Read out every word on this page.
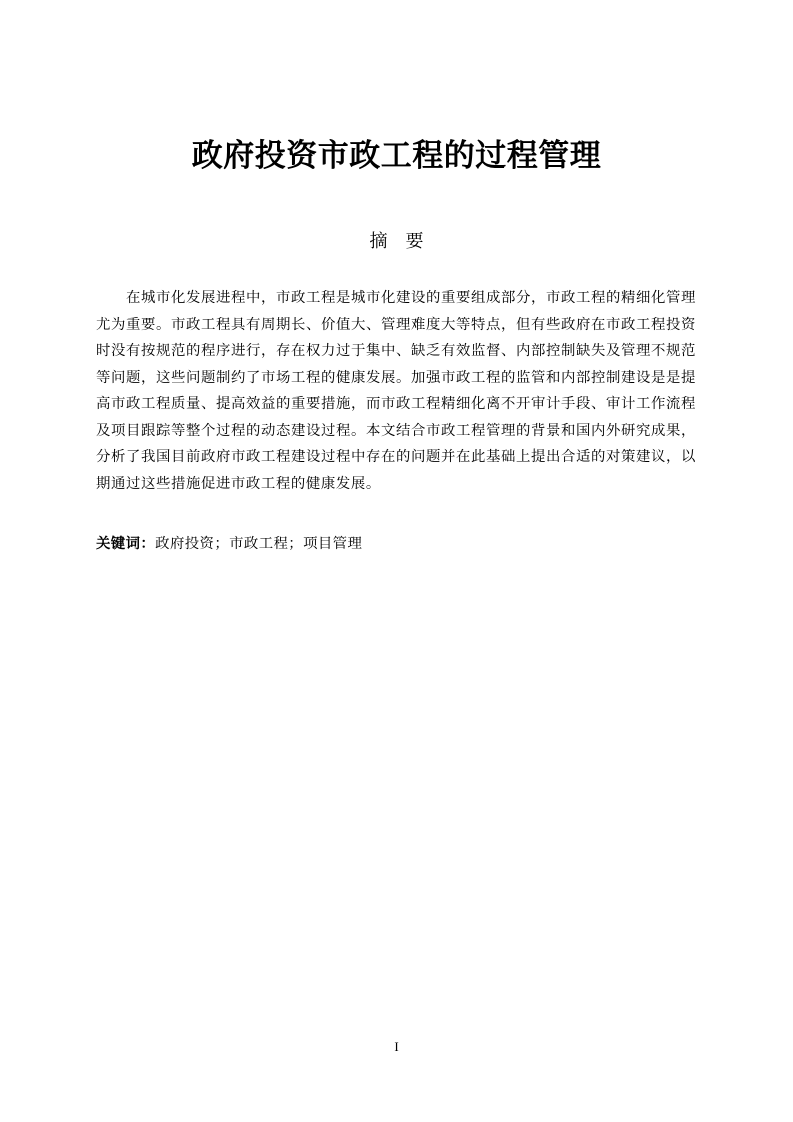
政府投资市政工程的过程管理
摘要

在城市化发展进程中，市政工程是城市化建设的重要组成部分，市政工程的精细化管理尤为重要。市政工程具有周期长、价值大、管理难度大等特点，但有些政府在市政工程投资时没有按规范的程序进行，存在权力过于集中、缺乏有效监督、内部控制缺失及管理不规范等问题，这些问题制约了市场工程的健康发展。加强市政工程的监管和内部控制建设是是提高市政工程质量、提高效益的重要措施，而市政工程精细化离不开审计手段、审计工作流程及项目跟踪等整个过程的动态建设过程。本文结合市政工程管理的背景和国内外研究成果，分析了我国目前政府市政工程建设过程中存在的问题并在此基础上提出合适的对策建议，以期通过这些措施促进市政工程的健康发展。

关键词：政府投资；市政工程；项目管理
I
